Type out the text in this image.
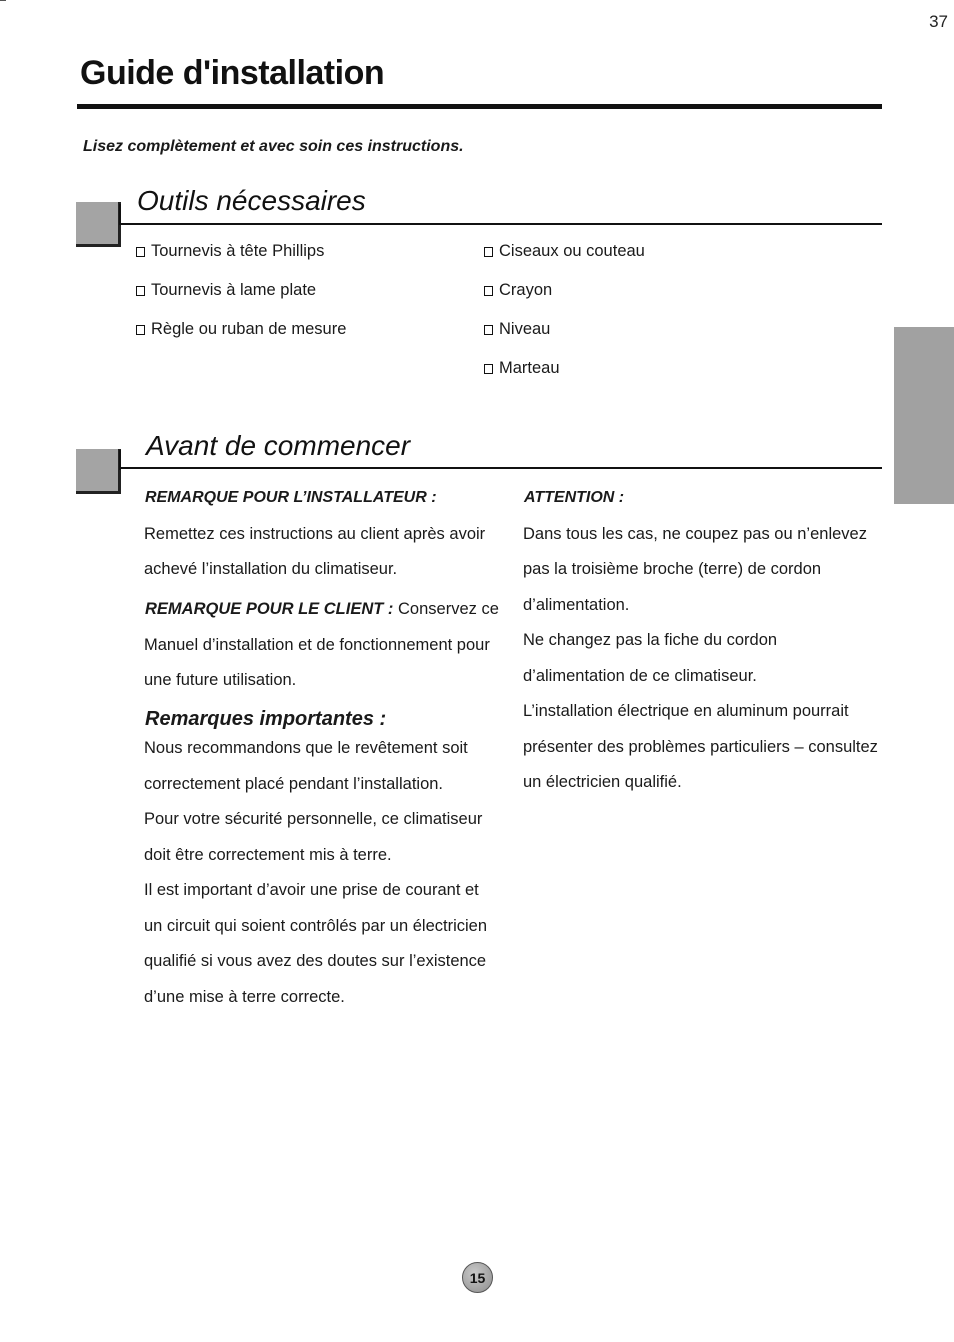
37
Guide d'installation
Lisez complètement et avec soin ces instructions.
Outils nécessaires
Tournevis à tête Phillips
Tournevis à lame plate
Règle ou ruban de mesure
Ciseaux ou couteau
Crayon
Niveau
Marteau
Avant de commencer
REMARQUE POUR L’INSTALLATEUR :
Remettez ces instructions au client après avoir
achevé l’installation du climatiseur.
REMARQUE POUR LE CLIENT : Conservez ce
Manuel d’installation et de fonctionnement pour
une future utilisation.
Remarques importantes :
Nous recommandons que le revêtement soit
correctement placé pendant l’installation.
Pour votre sécurité personnelle, ce climatiseur
doit être correctement mis à terre.
Il est important d’avoir une prise de courant et
un circuit qui soient contrôlés par un électricien
qualifié si vous avez des doutes sur l’existence
d’une mise à terre correcte.
ATTENTION :
Dans tous les cas, ne coupez pas ou n’enlevez
pas la troisième broche (terre) de cordon
d’alimentation.
Ne changez pas la fiche du cordon
d’alimentation de ce climatiseur.
L’installation électrique en aluminum pourrait
présenter des problèmes particuliers – consultez
un électricien qualifié.
15
